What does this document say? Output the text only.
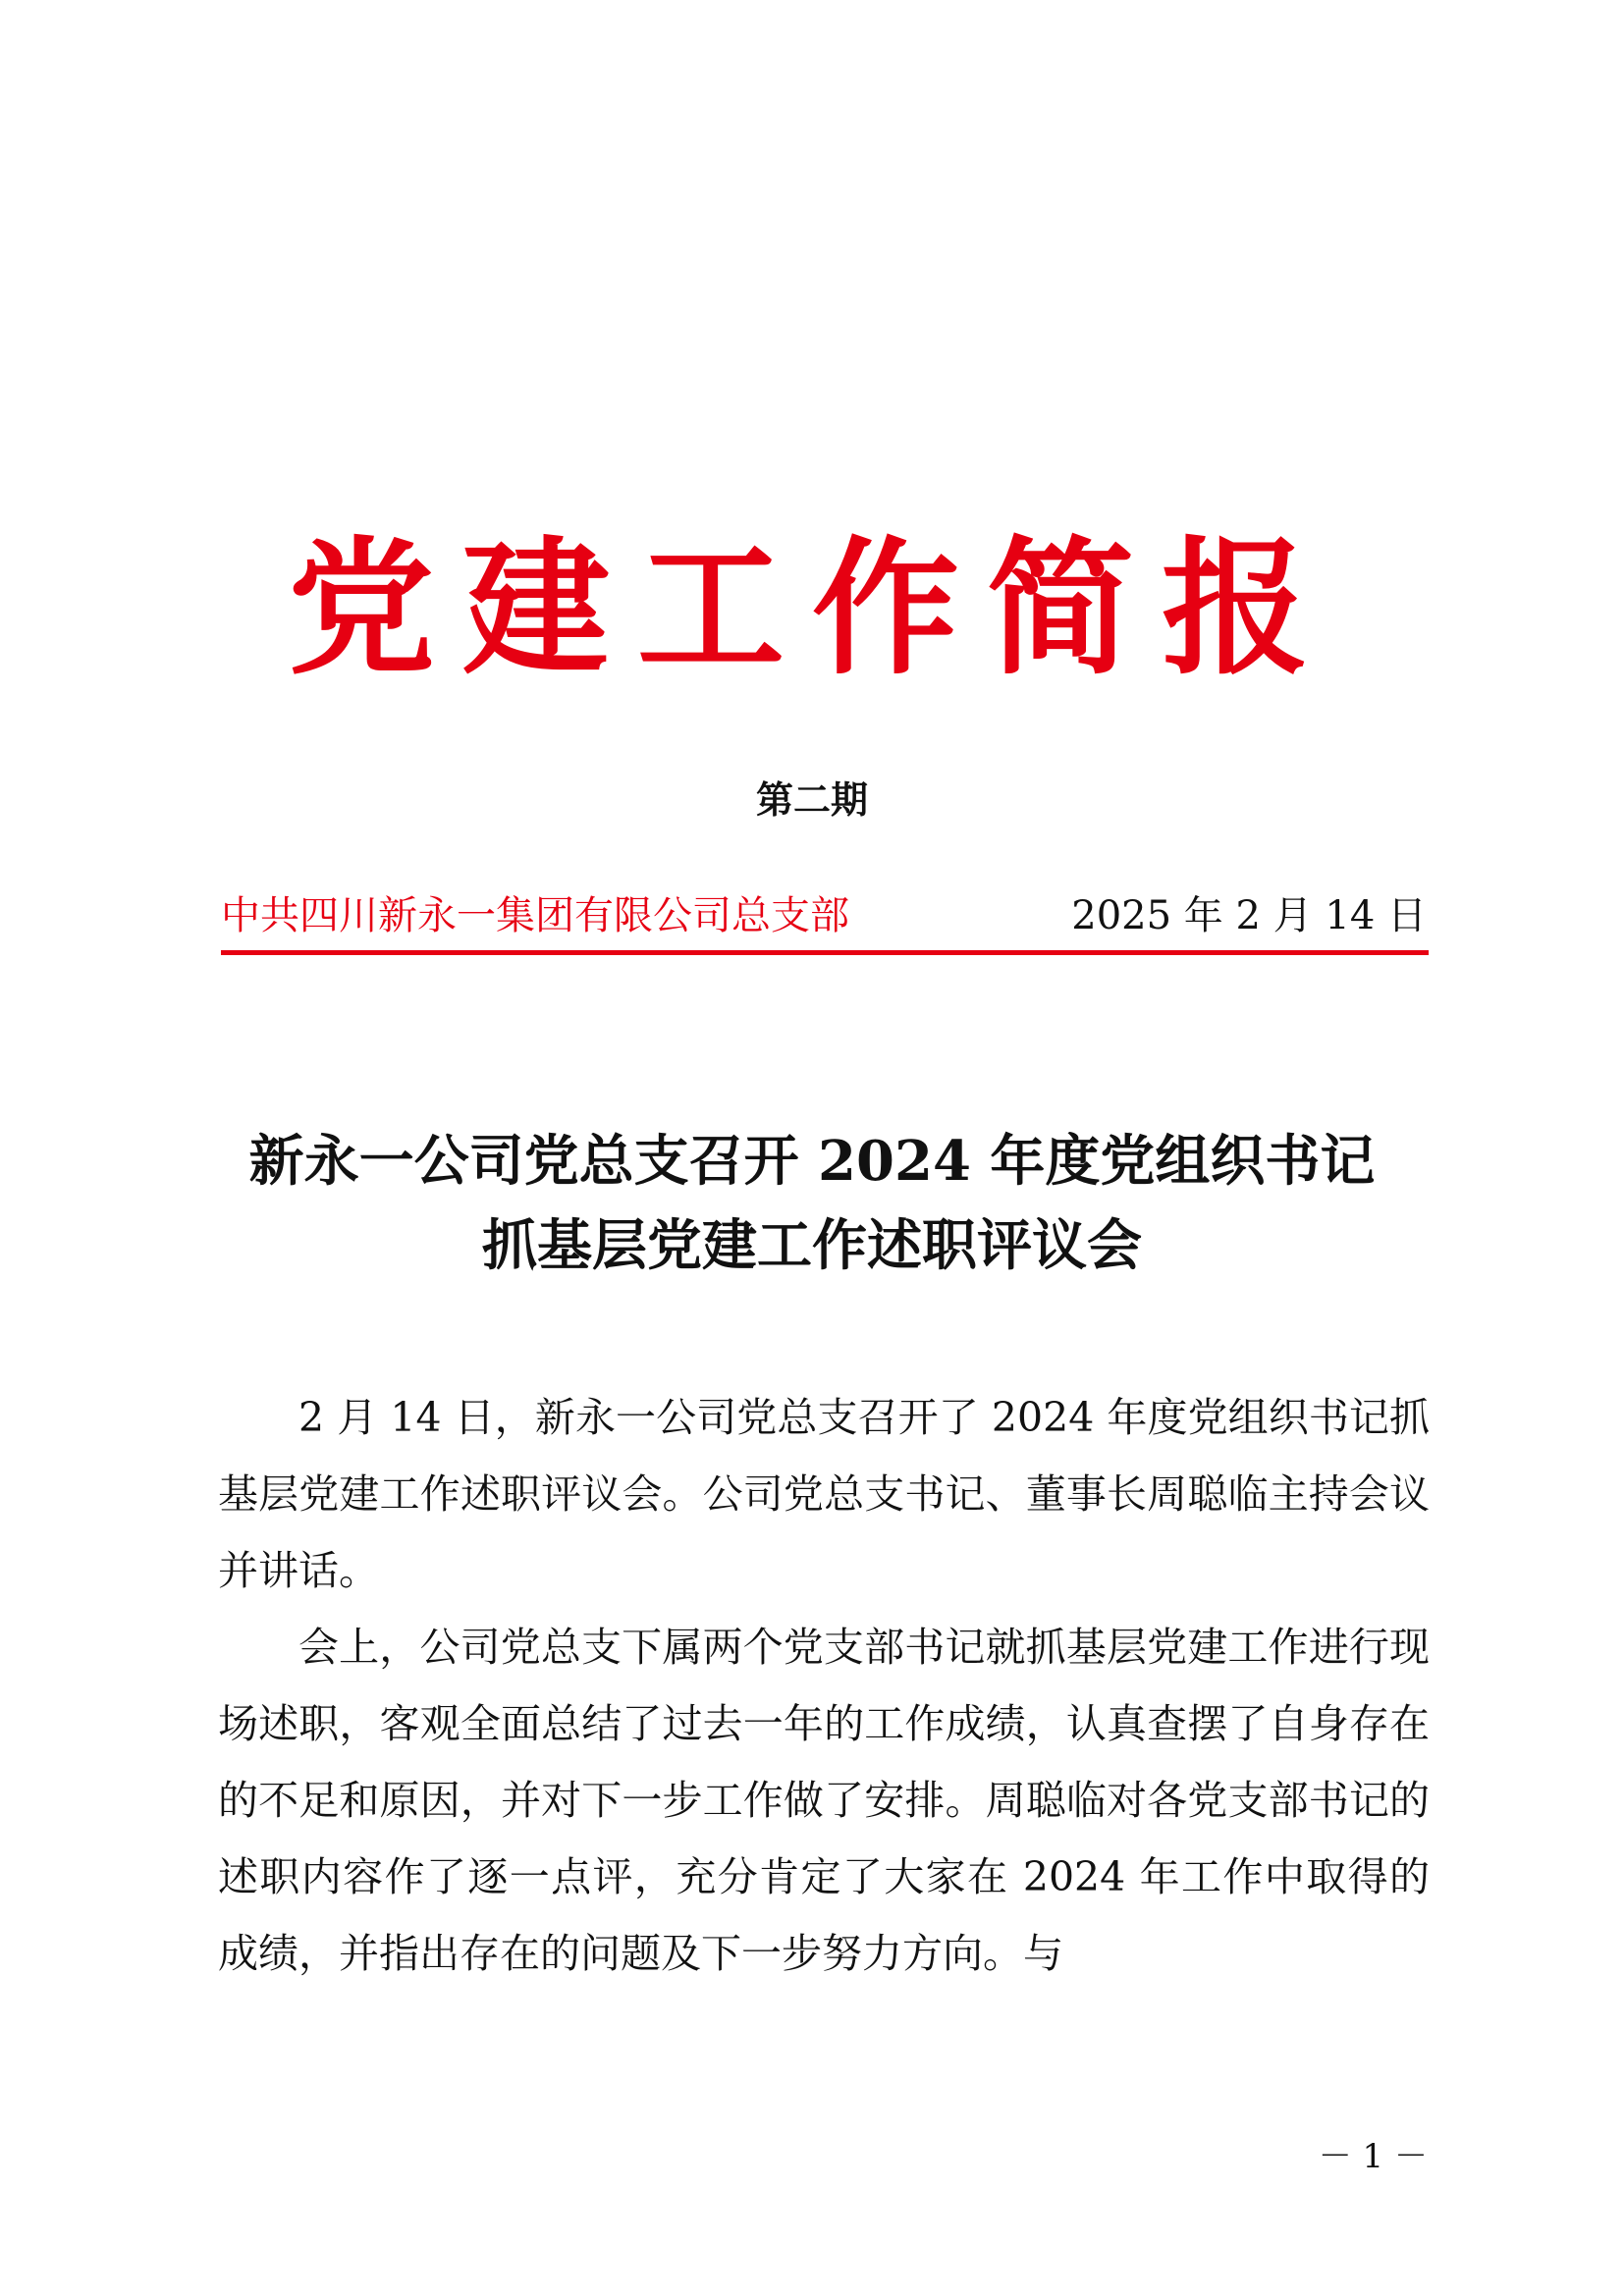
党建工作简报
第二期
中共四川新永一集团有限公司总支部	2025 年 2 月 14 日
新永一公司党总支召开 2024 年度党组织书记
抓基层党建工作述职评议会

2 月 14 日，新永一公司党总支召开了 2024 年度党组织书记抓基层党建工作述职评议会。公司党总支书记、董事长周聪临主持会议并讲话。

会上，公司党总支下属两个党支部书记就抓基层党建工作进行现场述职，客观全面总结了过去一年的工作成绩，认真查摆了自身存在的不足和原因，并对下一步工作做了安排。周聪临对各党支部书记的述职内容作了逐一点评，充分肯定了大家在 2024 年工作中取得的成绩，并指出存在的问题及下一步努力方向。与

－ 1 －
